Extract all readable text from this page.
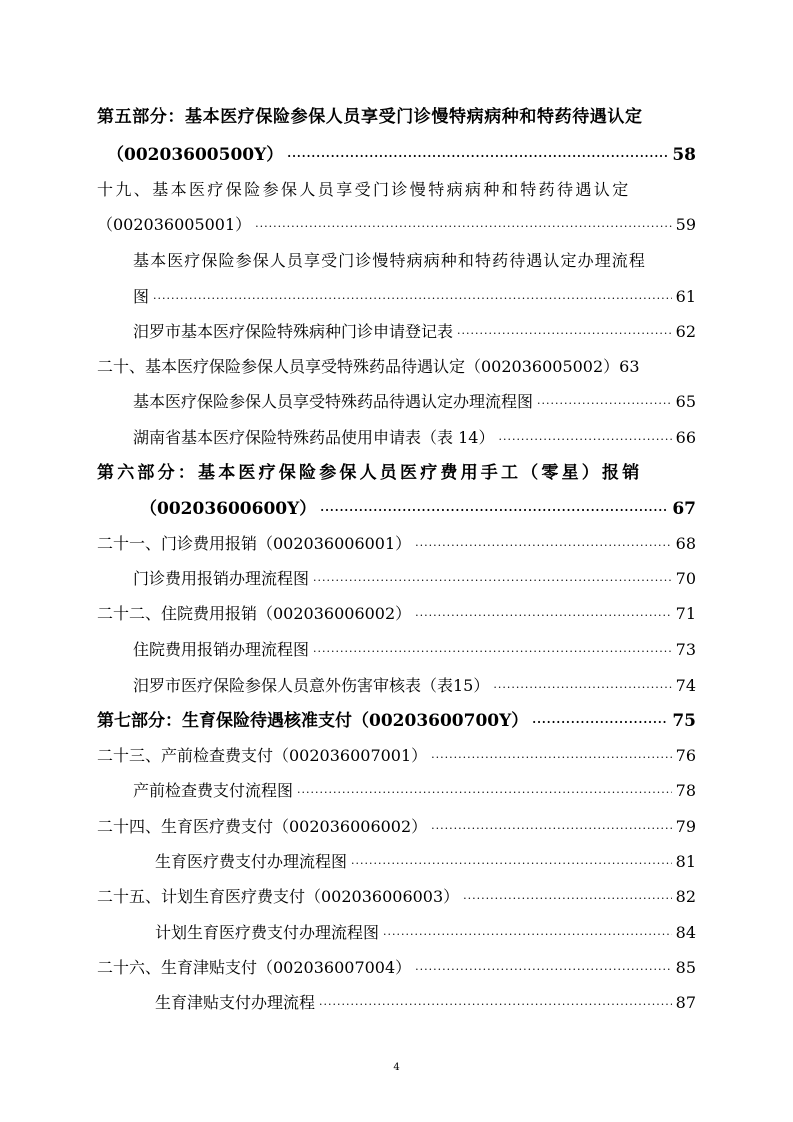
第五部分：基本医疗保险参保人员享受门诊慢特病病种和特药待遇认定
（00203600500Y） ·····	58
十九、基本医疗保险参保人员享受门诊慢特病病种和特药待遇认定
（002036005001） ·····	59
基本医疗保险参保人员享受门诊慢特病病种和特药待遇认定办理流程
图 ·····	61
汨罗市基本医疗保险特殊病种门诊申请登记表 ·····	62
二十、基本医疗保险参保人员享受特殊药品待遇认定（002036005002） 63
基本医疗保险参保人员享受特殊药品待遇认定办理流程图 ·····	65
湖南省基本医疗保险特殊药品使用申请表（表 14） ·····	66
第六部分：基本医疗保险参保人员医疗费用手工（零星）报销
（00203600600Y） ·····	67
二十一、门诊费用报销（002036006001） ·····	68
门诊费用报销办理流程图 ·····	70
二十二、住院费用报销（002036006002） ·····	71
住院费用报销办理流程图 ·····	73
汨罗市医疗保险参保人员意外伤害审核表（表15） ·····	74
第七部分：生育保险待遇核准支付（00203600700Y） ·····	75
二十三、产前检查费支付（002036007001） ·····	76
产前检查费支付流程图 ·····	78
二十四、生育医疗费支付（002036006002） ·····	79
生育医疗费支付办理流程图 ·····	81
二十五、计划生育医疗费支付（002036006003） ·····	82
计划生育医疗费支付办理流程图 ·····	84
二十六、生育津贴支付（002036007004） ·····	85
生育津贴支付办理流程 ·····	87
4
